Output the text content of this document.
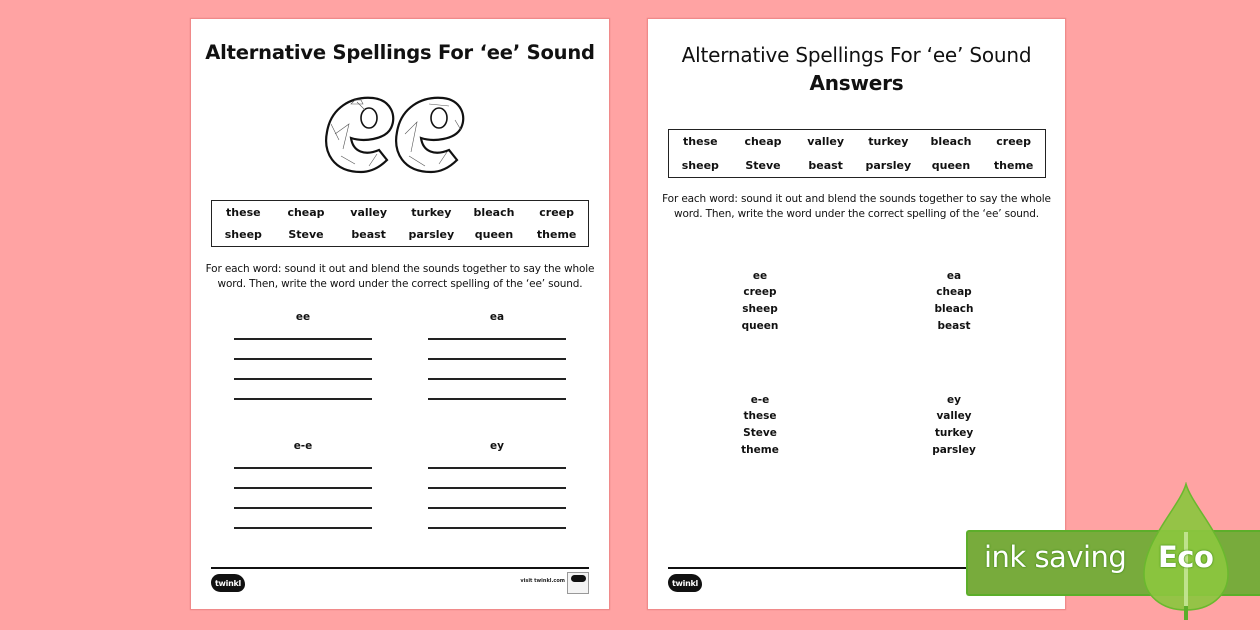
Alternative Spellings For ‘ee’ Sound
these cheap valley turkey bleach creep
sheep Steve	beast parsley queen theme
For each word: sound it out and blend the sounds together to say the whole word. Then, write the word under the correct spelling of the ‘ee’ sound.
ee	ea
e-e	ey
twinkl	visit twinkl.com
Alternative Spellings For ‘ee’ Sound
Answers
these cheap valley turkey bleach creep
sheep Steve	beast parsley queen theme
For each word: sound it out and blend the sounds together to say the whole word. Then, write the word under the correct spelling of the ‘ee’ sound.
ee
creep
sheep
queen
ea
cheap
bleach
beast
e-e
these
Steve
theme
ey
valley
turkey
parsley
twinkl
ink saving Eco
